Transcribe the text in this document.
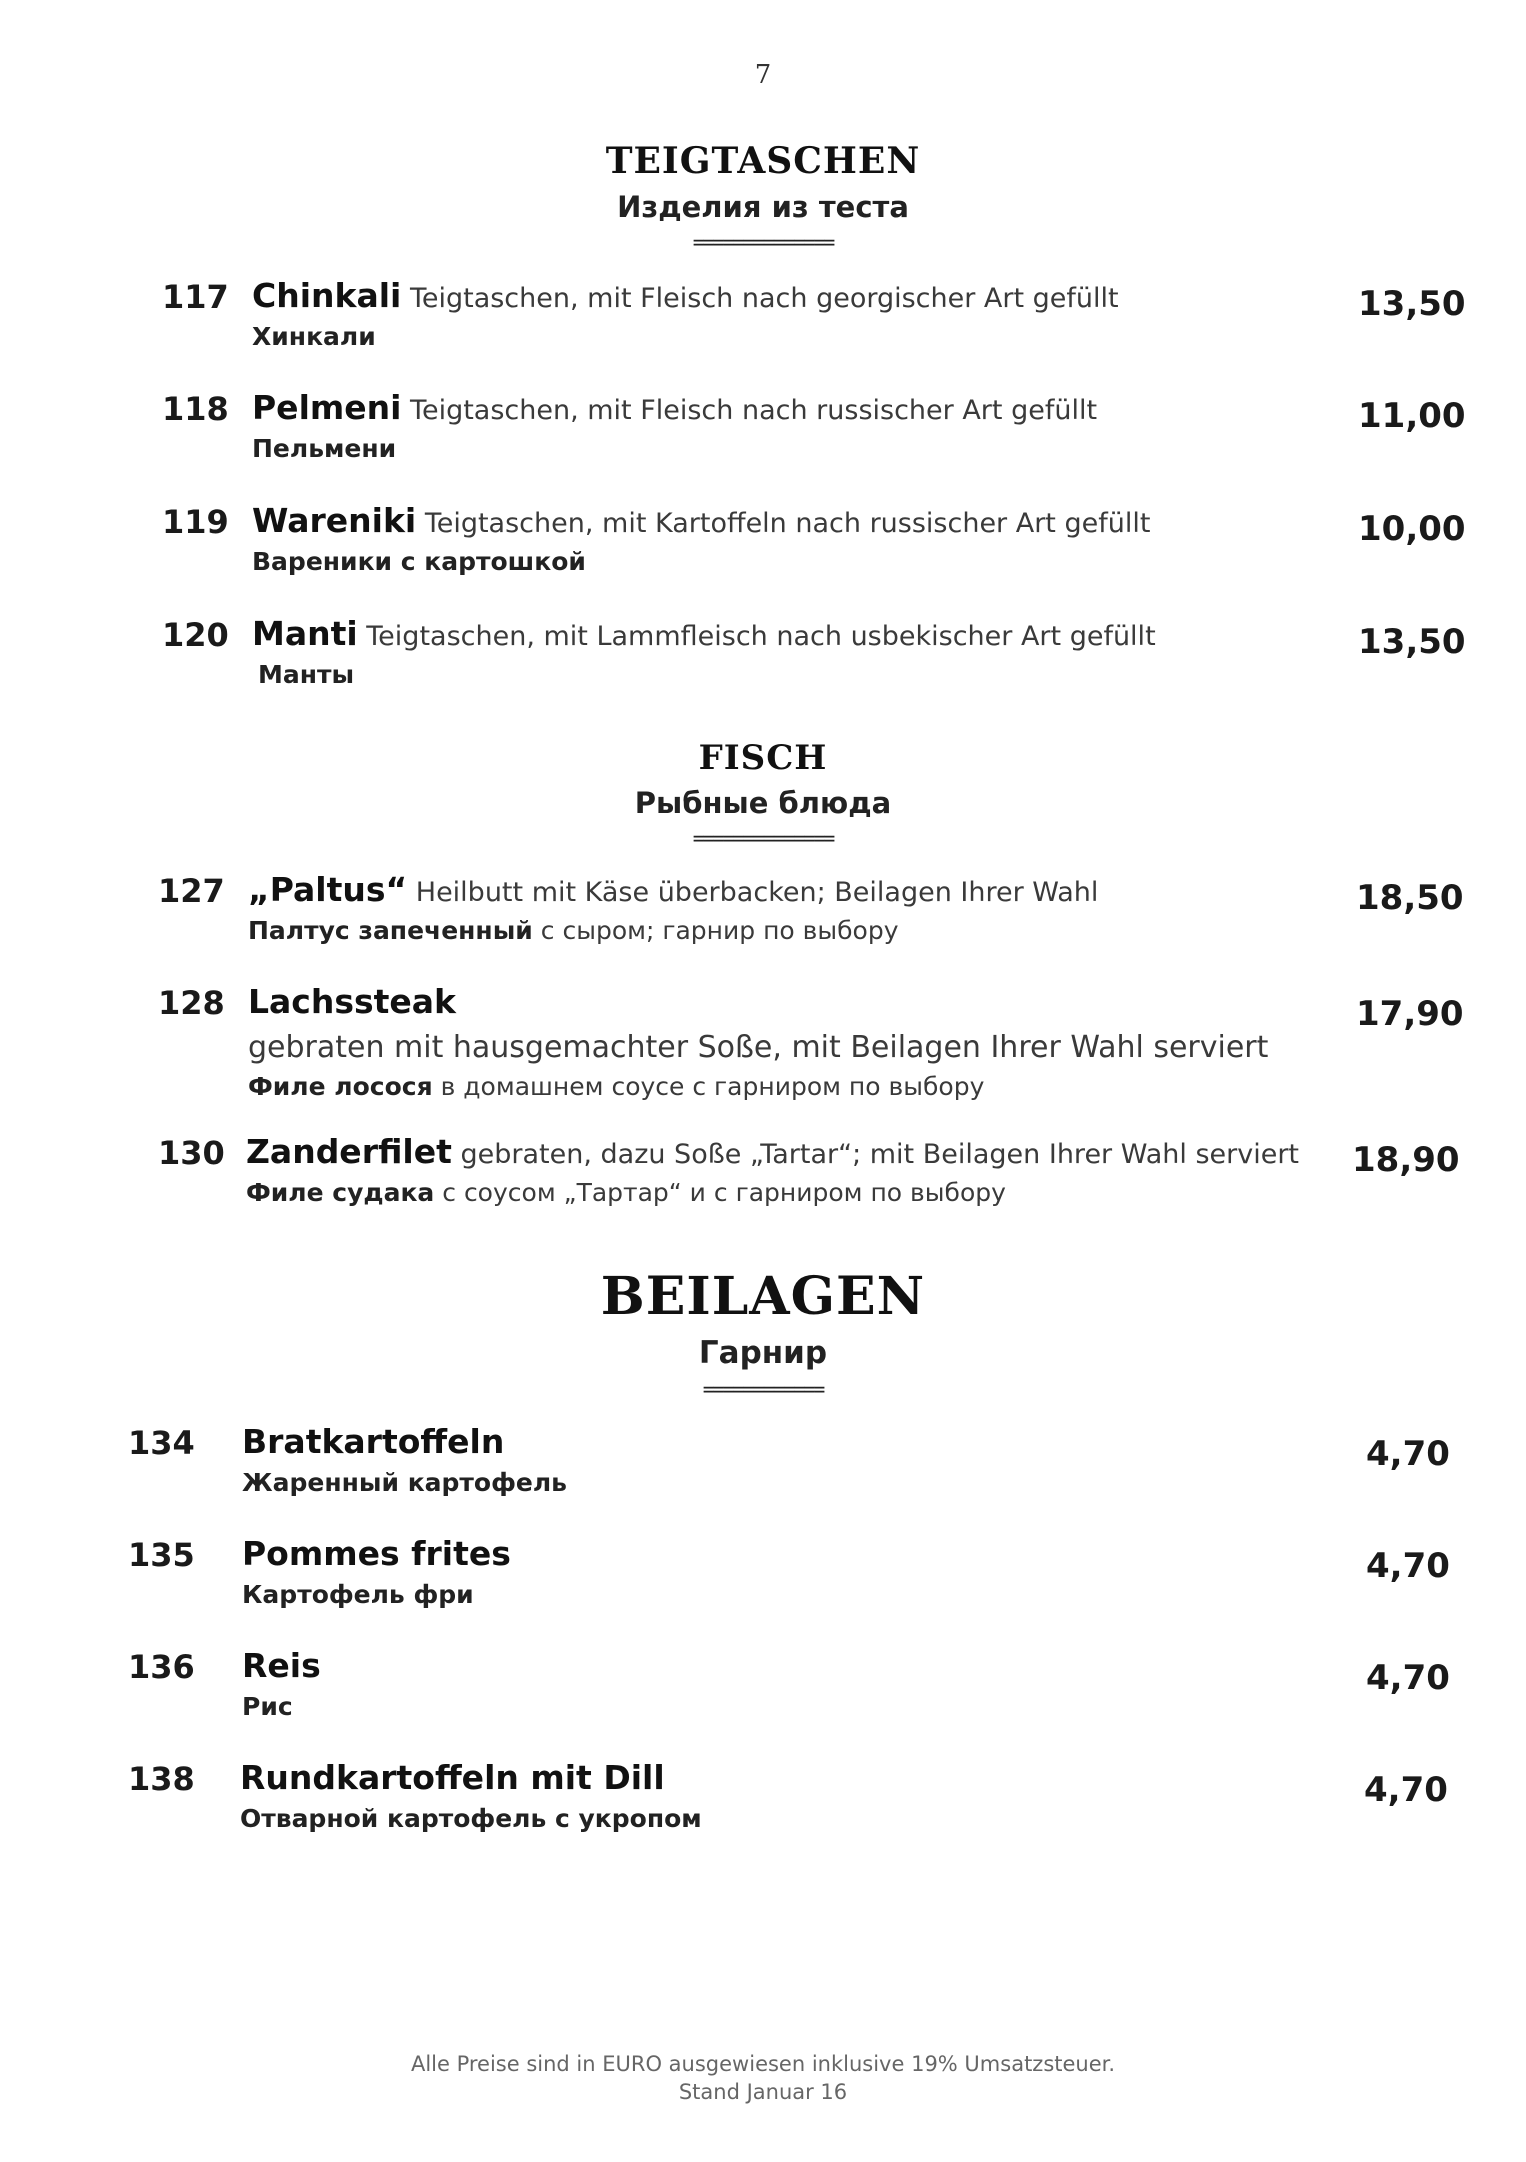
7
TEIGTASCHEN
Изделия из теста
==============
117 Chinkali Teigtaschen, mit Fleisch nach georgischer Art gefüllt
Хинкали
13,50
118 Pelmeni Teigtaschen, mit Fleisch nach russischer Art gefüllt
Пельмени
11,00
119 Wareniki Teigtaschen, mit Kartoffeln nach russischer Art gefüllt
Вареники с картошкой
10,00
120 Manti Teigtaschen, mit Lammfleisch nach usbekischer Art gefüllt
Манты
13,50
FISCH
Рыбные блюда
==============
127 „Paltus“ Heilbutt mit Käse überbacken; Beilagen Ihrer Wahl
Палтус запеченный с сыром; гарнир по выбору
18,50
128 Lachssteak
gebraten mit hausgemachter Soße, mit Beilagen Ihrer Wahl serviert
Филе лосося в домашнем соусе с гарниром по выбору
17,90
130 Zanderfilet gebraten, dazu Soße „Tartar“; mit Beilagen Ihrer Wahl serviert
Филе судака с соусом „Тартар“ и с гарниром по выбору
18,90
BEILAGEN
Гарнир
============
134 Bratkartoffeln
Жаренный картофель
4,70
135 Pommes frites
Картофель фри
4,70
136 Reis
Рис
4,70
138 Rundkartoffeln mit Dill
Отварной картофель с укропом
4,70
Alle Preise sind in EURO ausgewiesen inklusive 19% Umsatzsteuer.
Stand Januar 16
